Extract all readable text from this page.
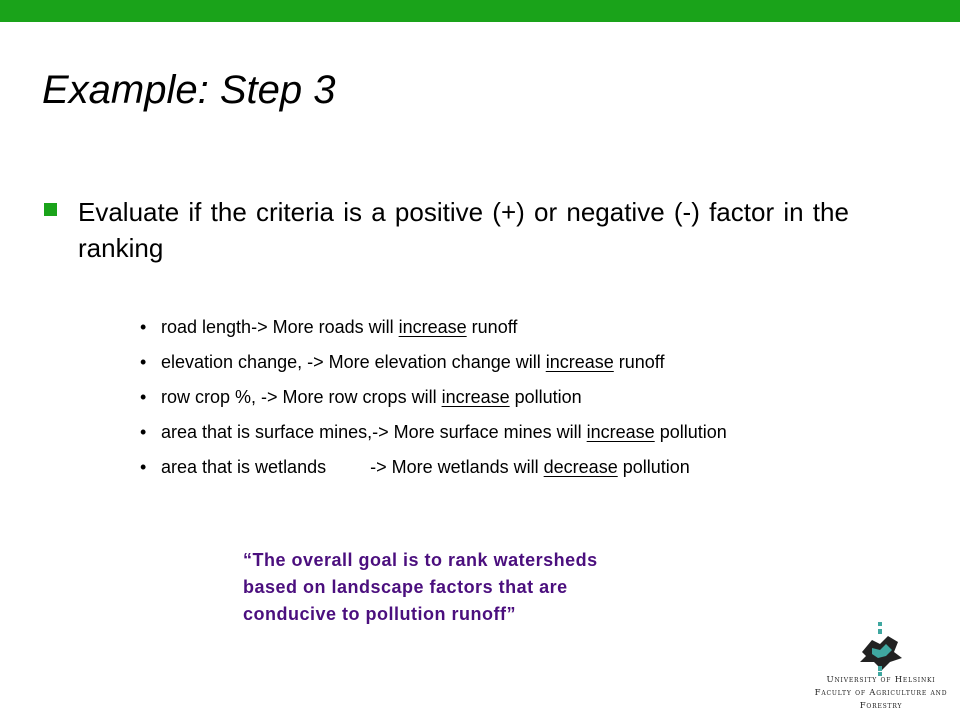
Example: Step 3
Evaluate if the criteria is a positive (+) or negative (-) factor in the ranking
• road length-> More roads will increase runoff
• elevation change, -> More elevation change will increase runoff
• row crop %, -> More row crops will increase pollution
• area that is surface mines,-> More surface mines will increase pollution
• area that is wetlands -> More wetlands will decrease pollution

“The overall goal is to rank watersheds

based on landscape factors that are

conducive to pollution runoff”

University of Helsinki
Faculty of Agriculture and
Forestry
